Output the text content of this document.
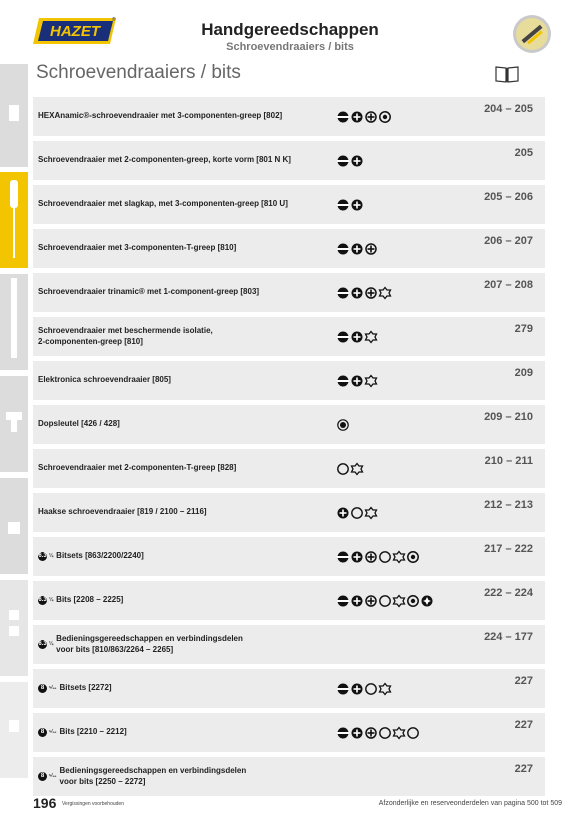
HAZET
®	Handgereedschappen
Schroevendraaiers / bits
Schroevendraaiers / bits
HEXAnamic®-schroevendraaier met 3-componenten-greep [802]
204 – 205
Schroevendraaier met 2-componenten-greep, korte vorm [801 N K]
205
Schroevendraaier met slagkap, met 3-componenten-greep [810 U]
205 – 206
Schroevendraaier met 3-componenten-T-greep [810]
206 – 207
Schroevendraaier trinamic® met 1-component-greep [803]
207 – 208
Schroevendraaier met beschermende isolatie,
2-componenten-greep [810]
279
Elektronica schroevendraaier [805]
209
Dopsleutel [426 / 428]
209 – 210
Schroevendraaier met 2-componenten-T-greep [828]
210 – 211
Haakse schroevendraaier [819 / 2100 – 2116]
212 – 213
6.3 ¼ Bitsets [863/2200/2240]
217 – 222
6.3 ¼ Bits [2208 – 2225]
222 – 224
6.3 ¼
Bedieningsgereedschappen en verbindingsdelen
voor bits [810/863/2264 – 2265]
224 – 177
8 ⁵⁄₁₆ Bitsets [2272]
227
8 ⁵⁄₁₆ Bits [2210 – 2212]
227
8 ⁵⁄₁₆
Bedieningsgereedschappen en verbindingsdelen
voor bits [2250 – 2272]
227
196 Vergissingen voorbehouden	Afzonderlijke en reserveonderdelen van pagina 500 tot 509
